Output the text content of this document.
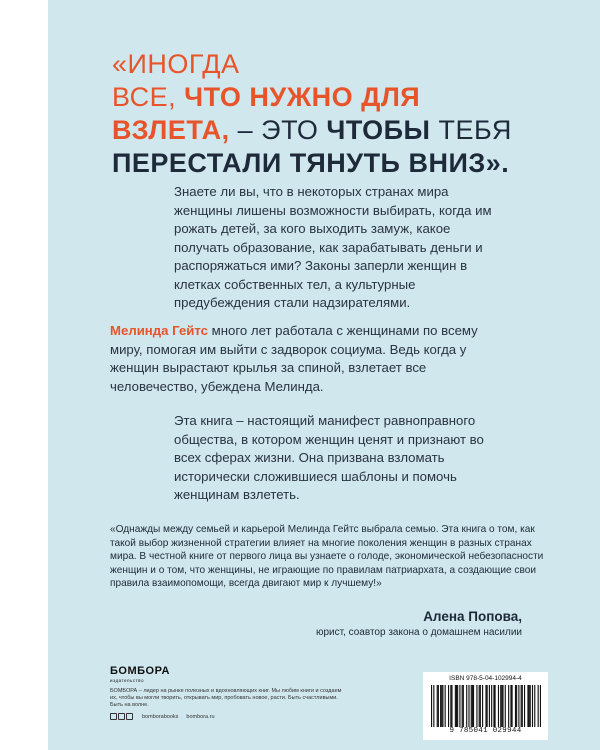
«ИНОГДА
ВСЕ, ЧТО НУЖНО ДЛЯ
ВЗЛЕТА, – ЭТО ЧТОБЫ ТЕБЯ
ПЕРЕСТАЛИ ТЯНУТЬ ВНИЗ».
Знаете ли вы, что в некоторых странах мира женщины лишены возможности выбирать, когда им рожать детей, за кого выходить замуж, какое получать образование, как зарабатывать деньги и распоряжаться ими? Законы заперли женщин в клетках собственных тел, а культурные предубеждения стали надзирателями.
Мелинда Гейтс много лет работала с женщинами по всему миру, помогая им выйти с задворок социума. Ведь когда у женщин вырастают крылья за спиной, взлетает все человечество, убеждена Мелинда.
Эта книга – настоящий манифест равноправного общества, в котором женщин ценят и признают во всех сферах жизни. Она призвана взломать исторически сложившиеся шаблоны и помочь женщинам взлететь.
«Однажды между семьей и карьерой Мелинда Гейтс выбрала семью. Эта книга о том, как такой выбор жизненной стратегии влияет на многие поколения женщин в разных странах мира. В честной книге от первого лица вы узнаете о голоде, экономической небезопасности женщин и о том, что женщины, не играющие по правилам патриархата, а создающие свои правила взаимопомощи, всегда двигают мир к лучшему!»
Алена Попова,
юрист, соавтор закона о домашнем насилии
БОМБОРА
издательство
БОМБОРА – лидер на рынке полезных и вдохновляющих книг. Мы любим книги и создаем их, чтобы вы могли творить, открывать мир, пробовать новое, расти. Быть счастливыми. Быть на волне.
bomborabooks bombora.ru
ISBN 978-5-04-102994-4
9 785041 029944
